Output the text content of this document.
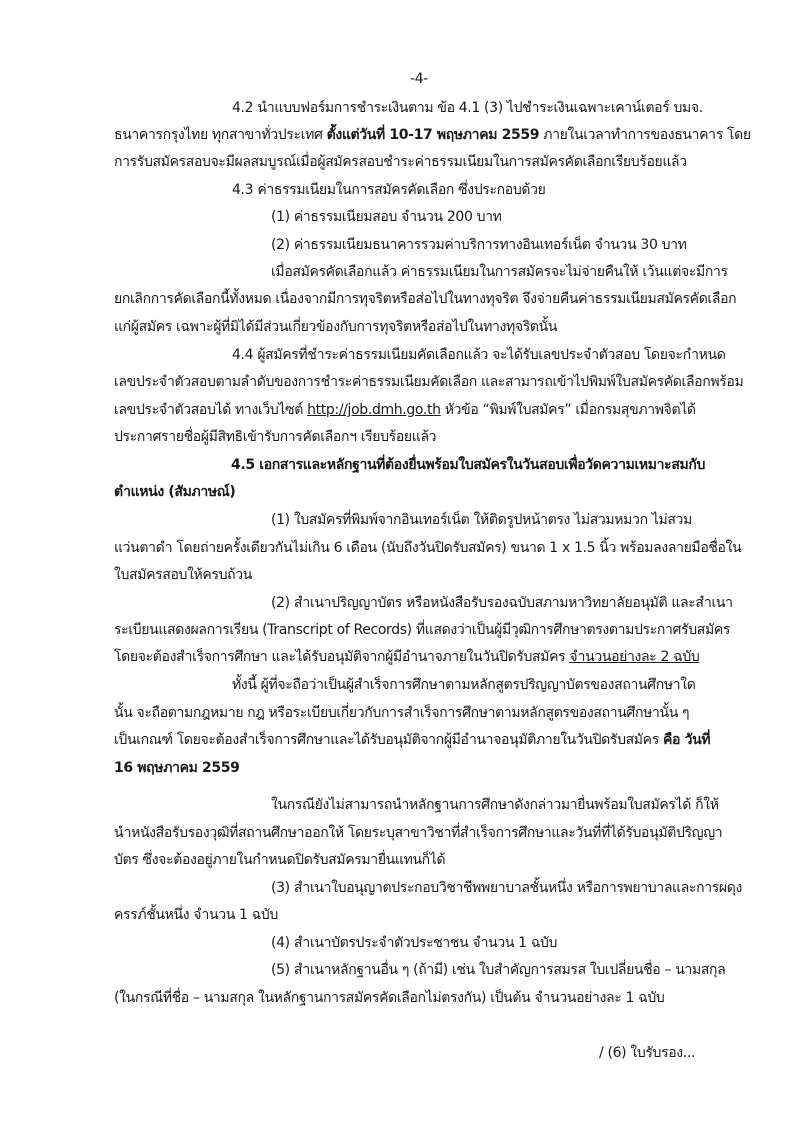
-4-
4.2 นำแบบฟอร์มการชำระเงินตาม ข้อ 4.1 (3) ไปชำระเงินเฉพาะเคาน์เตอร์ บมจ.
ธนาคารกรุงไทย ทุกสาขาทั่วประเทศ ตั้งแต่วันที่ 10-17 พฤษภาคม 2559 ภายในเวลาทำการของธนาคาร โดย
การรับสมัครสอบจะมีผลสมบูรณ์เมื่อผู้สมัครสอบชำระค่าธรรมเนียมในการสมัครคัดเลือกเรียบร้อยแล้ว
4.3 ค่าธรรมเนียมในการสมัครคัดเลือก ซึ่งประกอบด้วย
(1) ค่าธรรมเนียมสอบ จำนวน 200 บาท
(2) ค่าธรรมเนียมธนาคารรวมค่าบริการทางอินเทอร์เน็ต จำนวน 30 บาท
เมื่อสมัครคัดเลือกแล้ว ค่าธรรมเนียมในการสมัครจะไม่จ่ายคืนให้ เว้นแต่จะมีการ
ยกเลิกการคัดเลือกนี้ทั้งหมด เนื่องจากมีการทุจริตหรือส่อไปในทางทุจริต จึงจ่ายคืนค่าธรรมเนียมสมัครคัดเลือก
แก่ผู้สมัคร เฉพาะผู้ที่มิได้มีส่วนเกี่ยวข้องกับการทุจริตหรือส่อไปในทางทุจริตนั้น
4.4 ผู้สมัครที่ชำระค่าธรรมเนียมคัดเลือกแล้ว จะได้รับเลขประจำตัวสอบ โดยจะกำหนด
เลขประจำตัวสอบตามลำดับของการชำระค่าธรรมเนียมคัดเลือก และสามารถเข้าไปพิมพ์ใบสมัครคัดเลือกพร้อม
เลขประจำตัวสอบได้ ทางเว็บไซต์ http://job.dmh.go.th หัวข้อ “พิมพ์ใบสมัคร” เมื่อกรมสุขภาพจิตได้
ประกาศรายชื่อผู้มีสิทธิเข้ารับการคัดเลือกฯ เรียบร้อยแล้ว
4.5 เอกสารและหลักฐานที่ต้องยื่นพร้อมใบสมัครในวันสอบเพื่อวัดความเหมาะสมกับ
ตำแหน่ง (สัมภาษณ์)
(1) ใบสมัครที่พิมพ์จากอินเทอร์เน็ต ให้ติดรูปหน้าตรง ไม่สวมหมวก ไม่สวม
แว่นตาดำ โดยถ่ายครั้งเดียวกันไม่เกิน 6 เดือน (นับถึงวันปิดรับสมัคร) ขนาด 1 x 1.5 นิ้ว พร้อมลงลายมือชื่อใน
ใบสมัครสอบให้ครบถ้วน
(2) สำเนาปริญญาบัตร หรือหนังสือรับรองฉบับสภามหาวิทยาลัยอนุมัติ และสำเนา
ระเบียนแสดงผลการเรียน (Transcript of Records) ที่แสดงว่าเป็นผู้มีวุฒิการศึกษาตรงตามประกาศรับสมัคร
โดยจะต้องสำเร็จการศึกษา และได้รับอนุมัติจากผู้มีอำนาจภายในวันปิดรับสมัคร จำนวนอย่างละ 2 ฉบับ
ทั้งนี้ ผู้ที่จะถือว่าเป็นผู้สำเร็จการศึกษาตามหลักสูตรปริญญาบัตรของสถานศึกษาใด
นั้น จะถือตามกฎหมาย กฎ หรือระเบียบเกี่ยวกับการสำเร็จการศึกษาตามหลักสูตรของสถานศึกษานั้น ๆ
เป็นเกณฑ์ โดยจะต้องสำเร็จการศึกษาและได้รับอนุมัติจากผู้มีอำนาจอนุมัติภายในวันปิดรับสมัคร คือ วันที่
16 พฤษภาคม 2559
ในกรณียังไม่สามารถนำหลักฐานการศึกษาดังกล่าวมายื่นพร้อมใบสมัครได้ ก็ให้
นำหนังสือรับรองวุฒิที่สถานศึกษาออกให้ โดยระบุสาขาวิชาที่สำเร็จการศึกษาและวันที่ที่ได้รับอนุมัติปริญญา
บัตร ซึ่งจะต้องอยู่ภายในกำหนดปิดรับสมัครมายื่นแทนก็ได้
(3) สำเนาใบอนุญาตประกอบวิชาชีพพยาบาลชั้นหนึ่ง หรือการพยาบาลและการผดุง
ครรภ์ชั้นหนึ่ง จำนวน 1 ฉบับ
(4) สำเนาบัตรประจำตัวประชาชน จำนวน 1 ฉบับ
(5) สำเนาหลักฐานอื่น ๆ (ถ้ามี) เช่น ใบสำคัญการสมรส ใบเปลี่ยนชื่อ – นามสกุล
(ในกรณีที่ชื่อ – นามสกุล ในหลักฐานการสมัครคัดเลือกไม่ตรงกัน) เป็นต้น จำนวนอย่างละ 1 ฉบับ
/ (6) ใบรับรอง...
